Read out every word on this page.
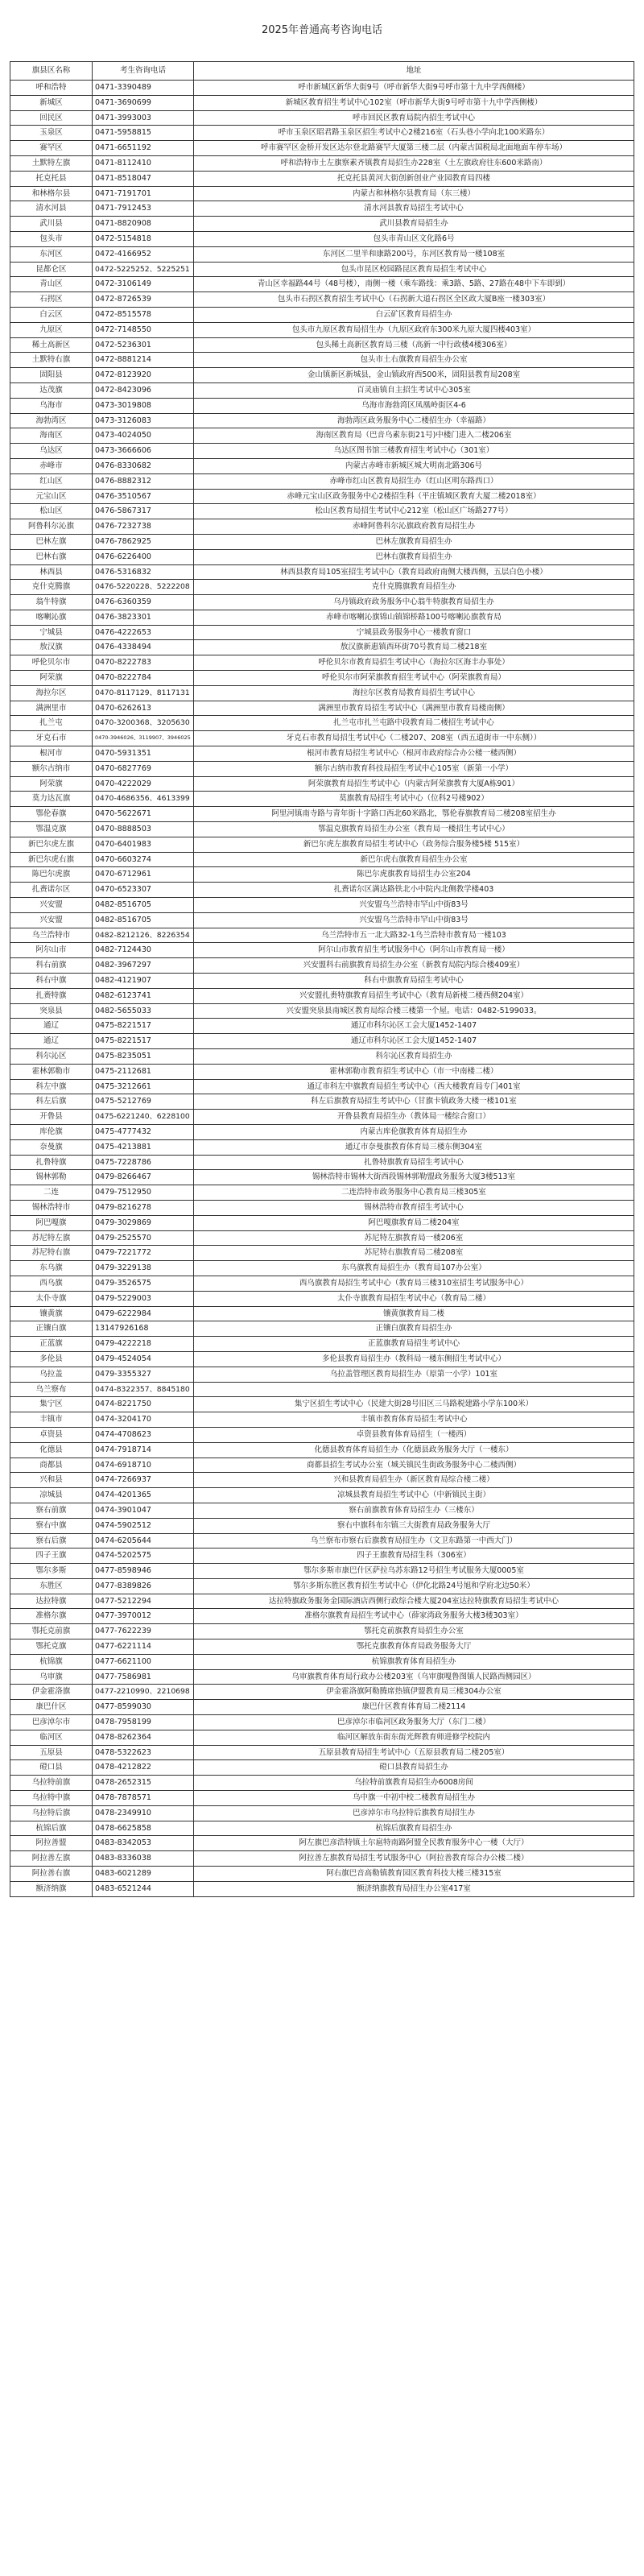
2025年普通高考咨询电话
旗县区名称	考生咨询电话	地址
呼和浩特	0471-3390489	呼市新城区新华大街9号（呼市新华大街9号呼市第十九中学西侧楼）
新城区	0471-3690699	新城区教育招生考试中心102室（呼市新华大街9号呼市第十九中学西侧楼）
回民区	0471-3993003	呼市回民区教育局院内招生考试中心
玉泉区	0471-5958815	呼市玉泉区昭君路玉泉区招生考试中心2楼216室（石头巷小学向北100米路东）
赛罕区	0471-6651192	呼市赛罕区金桥开发区达尔登北路赛罕大厦第三楼二层（内蒙古国税局北面地面车停车场）
土默特左旗	0471-8112410	呼和浩特市土左旗察素齐镇教育局招生办228室（土左旗政府往东600米路南）
托克托县	0471-8518047	托克托县黄河大街创新创业产业园教育局四楼
和林格尔县	0471-7191701	内蒙古和林格尔县教育局（东三楼）
清水河县	0471-7912453	清水河县教育局招生考试中心
武川县	0471-8820908	武川县教育局招生办
包头市	0472-5154818	包头市青山区文化路6号
东河区	0472-4166952	东河区二里半和康路200号，东河区教育局一楼108室
昆都仑区	0472-5225252、5225251	包头市昆区校园路昆区教育局招生考试中心
青山区	0472-3106149	青山区幸福路44号（48号楼），南侧一楼（乘车路线：乘3路、5路、27路在48中下车即到）
石拐区	0472-8726539	包头市石拐区教育招生考试中心（石拐新大道石拐区全区政大厦B座一楼303室）
白云区	0472-8515578	白云矿区教育局招生办
九原区	0472-7148550	包头市九原区教育局招生办（九原区政府东300米九原大厦四楼403室）
稀土高新区	0472-5236301	包头稀土高新区教育局三楼（高新一中行政楼4楼306室）
土默特右旗	0472-8881214	包头市土右旗教育局招生办公室
固阳县	0472-8123920	金山镇新区新城县，金山镇政府西500米，固阳县教育局208室
达茂旗	0472-8423096	百灵庙镇自主招生考试中心305室
乌海市	0473-3019808	乌海市海勃湾区凤凰岭街区4-6
海勃湾区	0473-3126083	海勃湾区政务服务中心二楼招生办（幸福路）
海南区	0473-4024050	海南区教育局（巴音乌素东街21号)中楼门进入二楼206室
乌达区	0473-3666606	乌达区图书馆三楼教育招生考试中心（301室）
赤峰市	0476-8330682	内蒙古赤峰市新城区城大明南北路306号
红山区	0476-8882312	赤峰市红山区教育局招生办（红山区明东路西口）
元宝山区	0476-3510567	赤峰元宝山区政务服务中心2楼招生科（平庄镇城区教育大厦二楼2018室）
松山区	0476-5867317	松山区教育局招生考试中心212室（松山区广场路277号）
阿鲁科尔沁旗	0476-7232738	赤峰阿鲁科尔沁旗政府教育局招生办
巴林左旗	0476-7862925	巴林左旗教育局招生办
巴林右旗	0476-6226400	巴林右旗教育局招生办
林西县	0476-5316832	林西县教育局105室招生考试中心（教育局政府南侧大楼西侧，五层白色小楼）
克什克腾旗	0476-5220228、5222208	克什克腾旗教育局招生办
翁牛特旗	0476-6360359	乌丹镇政府政务服务中心翁牛特旗教育局招生办
喀喇沁旗	0476-3823301	赤峰市喀喇沁旗锦山镇锦桥路100号喀喇沁旗教育局
宁城县	0476-4222653	宁城县政务服务中心一楼教育窗口
敖汉旗	0476-4338494	敖汉旗新惠镇西环街70号教育局二楼218室
呼伦贝尔市	0470-8222783	呼伦贝尔市教育局招生考试中心（海拉尔区海丰办事处）
阿荣旗	0470-8222784	呼伦贝尔市阿荣旗教育招生考试中心（阿荣旗教育局）
海拉尔区	0470-8117129、8117131	海拉尔区教育局教育局招生考试中心
满洲里市	0470-6262613	满洲里市教育局招生考试中心（满洲里市教育局楼南侧）
扎兰屯	0470-3200368、3205630	扎兰屯市扎兰屯路中段教育局二楼招生考试中心
牙克石市	0470-3946026、3119907、3946025	牙克石市教育局招生考试中心（二楼207、208室（西五道街市一中东侧））
根河市	0470-5931351	根河市教育局招生考试中心（根河市政府综合办公楼一楼西侧）
额尔古纳市	0470-6827769	额尔古纳市教育科技局招生考试中心105室（新第一小学）
阿荣旗	0470-4222029	阿荣旗教育局招生考试中心（内蒙古阿荣旗教育大厦A栋901）
莫力达瓦旗	0470-4686356、4613399	莫旗教育局招生考试中心（位科2号楼902）
鄂伦春旗	0470-5622671	阿里河镇南寺路与青年街十字路口西北60米路北，鄂伦春旗教育局二楼208室招生办
鄂温克旗	0470-8888503	鄂温克旗教育局招生办公室（教育局一楼招生考试中心）
新巴尔虎左旗	0470-6401983	新巴尔虎左旗教育局招生考试中心（政务综合服务楼5楼 515室）
新巴尔虎右旗	0470-6603274	新巴尔虎右旗教育局招生办公室
陈巴尔虎旗	0470-6712961	陈巴尔虎旗教育局招生办公室204
扎赉诺尔区	0470-6523307	扎赉诺尔区满达路铁北小中院内北侧教学楼403
兴安盟	0482-8516705	兴安盟乌兰浩特市罕山中街83号
兴安盟	0482-8516705	兴安盟乌兰浩特市罕山中街83号
乌兰浩特市	0482-8212126、8226354	乌兰浩特市五一北大路32-1乌兰浩特市教育局一楼103
阿尔山市	0482-7124430	阿尔山市教育招生考试服务中心（阿尔山市教育局一楼）
科右前旗	0482-3967297	兴安盟科右前旗教育局招生办公室（新教育局院内综合楼409室）
科右中旗	0482-4121907	科右中旗教育局招生考试中心
扎赉特旗	0482-6123741	兴安盟扎赉特旗教育局招生考试中心（教育局新楼二楼西侧204室）
突泉县	0482-5655033	兴安盟突泉县南城区教育局综合楼三楼第一个屋。电话：0482-5199033。
通辽	0475-8221517	通辽市科尔沁区工会大厦1452-1407
通辽	0475-8221517	通辽市科尔沁区工会大厦1452-1407
科尔沁区	0475-8235051	科尔沁区教育局招生办
霍林郭勒市	0475-2112681	霍林郭勒市教育招生考试中心（市一中南楼二楼）
科左中旗	0475-3212661	通辽市科左中旗教育局招生考试中心（西大楼教育局专门401室
科左后旗	0475-5212769	科左后旗教育局招生考试中心（甘旗卡镇政务大楼一楼101室
开鲁县	0475-6221240、6228100	开鲁县教育局招生办（教体局一楼综合窗口）
库伦旗	0475-4777432	内蒙古库伦旗教育体育局招生办
奈曼旗	0475-4213881	通辽市奈曼旗教育体育局三楼东侧304室
扎鲁特旗	0475-7228786	扎鲁特旗教育局招生考试中心
锡林郭勒	0479-8266467	锡林浩特市锡林大街西段锡林郭勒盟政务服务大厦3楼513室
二连	0479-7512950	二连浩特市政务服务中心教育局三楼305室
锡林浩特市	0479-8216278	锡林浩特市教育招生考试中心
阿巴嘎旗	0479-3029869	阿巴嘎旗教育局二楼204室
苏尼特左旗	0479-2525570	苏尼特左旗教育局一楼206室
苏尼特右旗	0479-7221772	苏尼特右旗教育局二楼208室
东乌旗	0479-3229138	东乌旗教育局招生办（教育局107办公室）
西乌旗	0479-3526575	西乌旗教育局招生考试中心（教育局三楼310室招生考试服务中心）
太仆寺旗	0479-5229003	太仆寺旗教育局招生考试中心（教育局二楼）
镶黄旗	0479-6222984	镶黄旗教育局二楼
正镶白旗	13147926168	正镶白旗教育局招生办
正蓝旗	0479-4222218	正蓝旗教育局招生考试中心
多伦县	0479-4524054	多伦县教育局招生办（教科局一楼东侧招生考试中心）
乌拉盖	0479-3355327	乌拉盖管理区教育局招生办（原第一小学）101室
乌兰察布	0474-8322357、8845180	
集宁区	0474-8221750	集宁区招生考试中心（民建大街28号旧区三马路税建路小学东100米）
丰镇市	0474-3204170	丰镇市教育体育局招生考试中心
卓资县	0474-4708623	卓资县教育体育局招生（一楼西）
化德县	0474-7918714	化德县教育体育局招生办（化德县政务服务大厅（一楼东）
商都县	0474-6918710	商都县招生考试办公室（城关镇民生街政务服务中心二楼西侧）
兴和县	0474-7266937	兴和县教育局招生办（新区教育局综合楼二楼）
凉城县	0474-4201365	凉城县教育局招生考试中心（中新镇民主街）
察右前旗	0474-3901047	察右前旗教育体育局招生办（三楼东）
察右中旗	0474-5902512	察右中旗科布尔镇三大街教育局政务服务大厅
察右后旗	0474-6205644	乌兰察布市察右后旗教育局招生办（文卫东路第一中西大门）
四子王旗	0474-5202575	四子王旗教育局招生科（306室）
鄂尔多斯	0477-8598946	鄂尔多斯市康巴什区萨拉乌苏东路12号招生考试服务大厦0005室
东胜区	0477-8389826	鄂尔多斯东胜区教育招生考试中心（伊化北路24号旭和学府北边50米）
达拉特旗	0477-5212294	达拉特旗政务服务金国际酒店西侧行政综合楼大厦204室达拉特旗教育局招生考试中心
准格尔旗	0477-3970012	准格尔旗教育局招生考试中心（薛家湾政务服务大楼3楼303室）
鄂托克前旗	0477-7622239	鄂托克前旗教育局招生办公室
鄂托克旗	0477-6221114	鄂托克旗教育体育局政务服务大厅
杭锦旗	0477-6621100	杭锦旗教育体育局招生办
乌审旗	0477-7586981	乌审旗教育体育局行政办公楼203室（乌审旗嘎鲁图镇人民路西侧园区）
伊金霍洛旗	0477-2210990、2210698	伊金霍洛旗阿勒腾席热镇伊盟教育局三楼304办公室
康巴什区	0477-8599030	康巴什区教育体育局二楼2114
巴彦淖尔市	0478-7958199	巴彦淖尔市临河区政务服务大厅（东门二楼）
临河区	0478-8262364	临河区解放东街东街光辉教育师进修学校院内
五原县	0478-5322623	五原县教育局招生考试中心（五原县教育局二楼205室）
磴口县	0478-4212822	磴口县教育局招生办
乌拉特前旗	0478-2652315	乌拉特前旗教育局招生办6008房间
乌拉特中旗	0478-7878571	乌中旗一中初中校二楼教育局招生办
乌拉特后旗	0478-2349910	巴彦淖尔市乌拉特后旗教育局招生办
杭锦后旗	0478-6625858	杭锦后旗教育局招生办
阿拉善盟	0483-8342053	阿左旗巴彦浩特镇土尔扈特南路阿盟全民教育服务中心一楼（大厅）
阿拉善左旗	0483-8336038	阿拉善左旗教育局招生考试服务中心（阿拉善教育综合办公楼二楼）
阿拉善右旗	0483-6021289	阿右旗巴音高勒镇教育园区教育科技大楼三楼315室
额济纳旗	0483-6521244	额济纳旗教育局招生办公室417室
